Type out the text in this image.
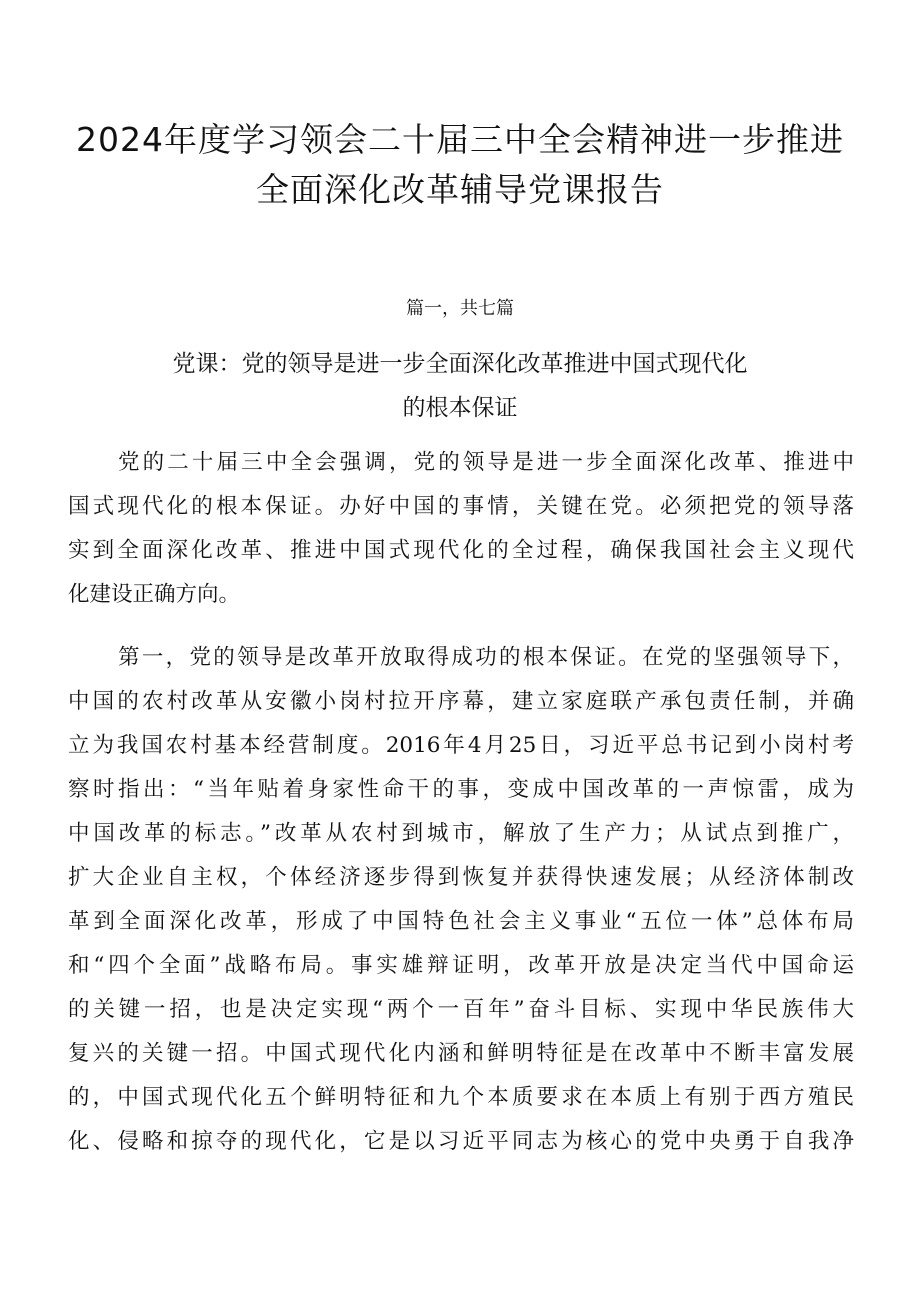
2024年度学习领会二十届三中全会精神进一步推进
全面深化改革辅导党课报告

篇一，共七篇

党课：党的领导是进一步全面深化改革推进中国式现代化
的根本保证
党的二十届三中全会强调，党的领导是进一步全面深化改革、推进中
国式现代化的根本保证。办好中国的事情，关键在党。必须把党的领导落
实到全面深化改革、推进中国式现代化的全过程，确保我国社会主义现代
化建设正确方向。
第一，党的领导是改革开放取得成功的根本保证。在党的坚强领导下，
中国的农村改革从安徽小岗村拉开序幕，建立家庭联产承包责任制，并确
立为我国农村基本经营制度。2016年4月25日，习近平总书记到小岗村考
察时指出：“当年贴着身家性命干的事，变成中国改革的一声惊雷，成为
中国改革的标志。”改革从农村到城市，解放了生产力；从试点到推广，
扩大企业自主权，个体经济逐步得到恢复并获得快速发展；从经济体制改
革到全面深化改革，形成了中国特色社会主义事业“五位一体”总体布局
和“四个全面”战略布局。事实雄辩证明，改革开放是决定当代中国命运
的关键一招，也是决定实现“两个一百年”奋斗目标、实现中华民族伟大
复兴的关键一招。中国式现代化内涵和鲜明特征是在改革中不断丰富发展
的，中国式现代化五个鲜明特征和九个本质要求在本质上有别于西方殖民
化、侵略和掠夺的现代化，它是以习近平同志为核心的党中央勇于自我净
